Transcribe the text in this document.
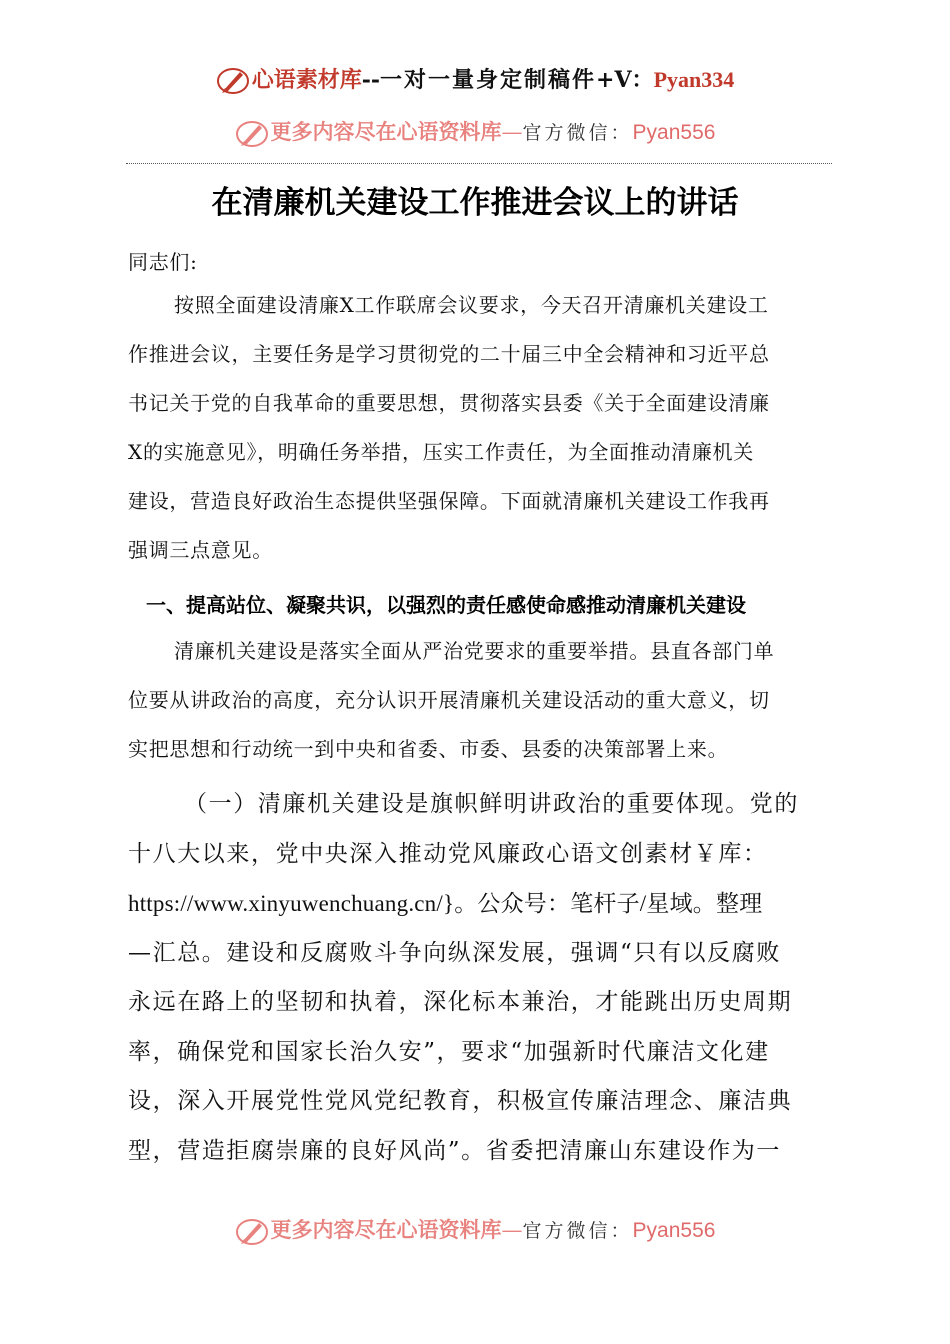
心语素材库--一对一量身定制稿件+V：Pyan334
更多内容尽在心语资料库—官方微信：Pyan556
在清廉机关建设工作推进会议上的讲话
同志们:
按照全面建设清廉X工作联席会议要求，今天召开清廉机关建设工
作推进会议，主要任务是学习贯彻党的二十届三中全会精神和习近平总
书记关于党的自我革命的重要思想，贯彻落实县委《关于全面建设清廉
X的实施意见》，明确任务举措，压实工作责任，为全面推动清廉机关
建设，营造良好政治生态提供坚强保障。下面就清廉机关建设工作我再
强调三点意见。
一、提高站位、凝聚共识，以强烈的责任感使命感推动清廉机关建设
清廉机关建设是落实全面从严治党要求的重要举措。县直各部门单
位要从讲政治的高度，充分认识开展清廉机关建设活动的重大意义，切
实把思想和行动统一到中央和省委、市委、县委的决策部署上来。
（一）清廉机关建设是旗帜鲜明讲政治的重要体现。党的
十八大以来，党中央深入推动党风廉政心语文创素材￥库：
https://www.xinyuwenchuang.cn/}。公众号：笔杆子/星域。整理
—汇总。建设和反腐败斗争向纵深发展，强调“只有以反腐败
永远在路上的坚韧和执着，深化标本兼治，才能跳出历史周期
率，确保党和国家长治久安”，要求“加强新时代廉洁文化建
设，深入开展党性党风党纪教育，积极宣传廉洁理念、廉洁典
型，营造拒腐崇廉的良好风尚”。省委把清廉山东建设作为一
更多内容尽在心语资料库—官方微信：Pyan556
